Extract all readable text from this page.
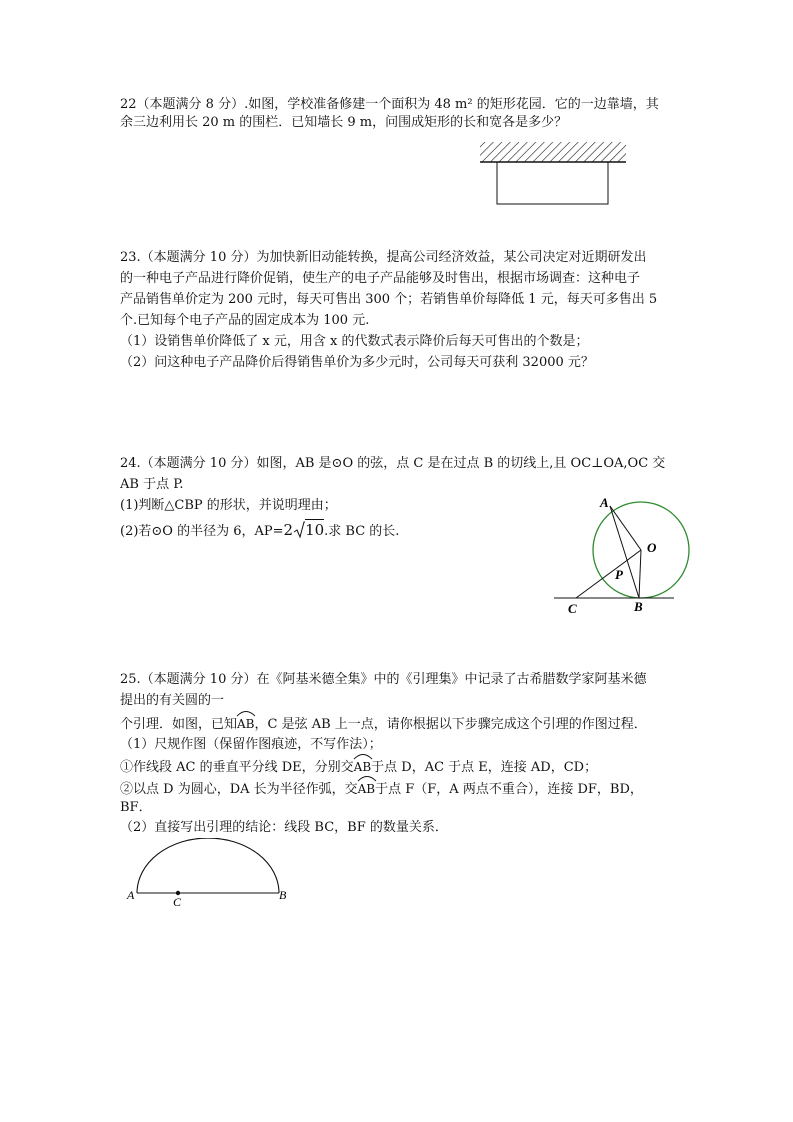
22（本题满分 8 分）.如图，学校准备修建一个面积为 48 m² 的矩形花园．它的一边靠墙，其
余三边利用长 20 m 的围栏．已知墙长 9 m，问围成矩形的长和宽各是多少？
23.（本题满分 10 分）为加快新旧动能转换，提高公司经济效益，某公司决定对近期研发出
的一种电子产品进行降价促销，使生产的电子产品能够及时售出，根据市场调查：这种电子
产品销售单价定为 200 元时，每天可售出 300 个；若销售单价每降低 1 元，每天可多售出 5
个.已知每个电子产品的固定成本为 100 元.
（1）设销售单价降低了 x 元，用含 x 的代数式表示降价后每天可售出的个数是；
（2）问这种电子产品降价后得销售单价为多少元时，公司每天可获利 32000 元？
24.（本题满分 10 分）如图，AB 是⊙O 的弦，点 C 是在过点 B 的切线上,且 OC⊥OA,OC 交
AB 于点 P.
(1)判断△CBP 的形状，并说明理由；
(2)若⊙O 的半径为 6，AP=2 10.求 BC 的长.
A
O
P
C	B
25.（本题满分 10 分）在《阿基米德全集》中的《引理集》中记录了古希腊数学家阿基米德
提出的有关圆的一
个引理．如图，已知
AB，C 是弦 AB 上一点，请你根据以下步骤完成这个引理的作图过程．
（1）尺规作图（保留作图痕迹，不写作法）；
①作线段 AC 的垂直平分线 DE，分别交
AB于点 D，AC 于点 E，连接 AD，CD；
②以点 D 为圆心，DA 长为半径作弧，交
AB于点 F（F，A 两点不重合），连接 DF，BD，
BF．
（2）直接写出引理的结论：线段 BC，BF 的数量关系．
A	C	B
